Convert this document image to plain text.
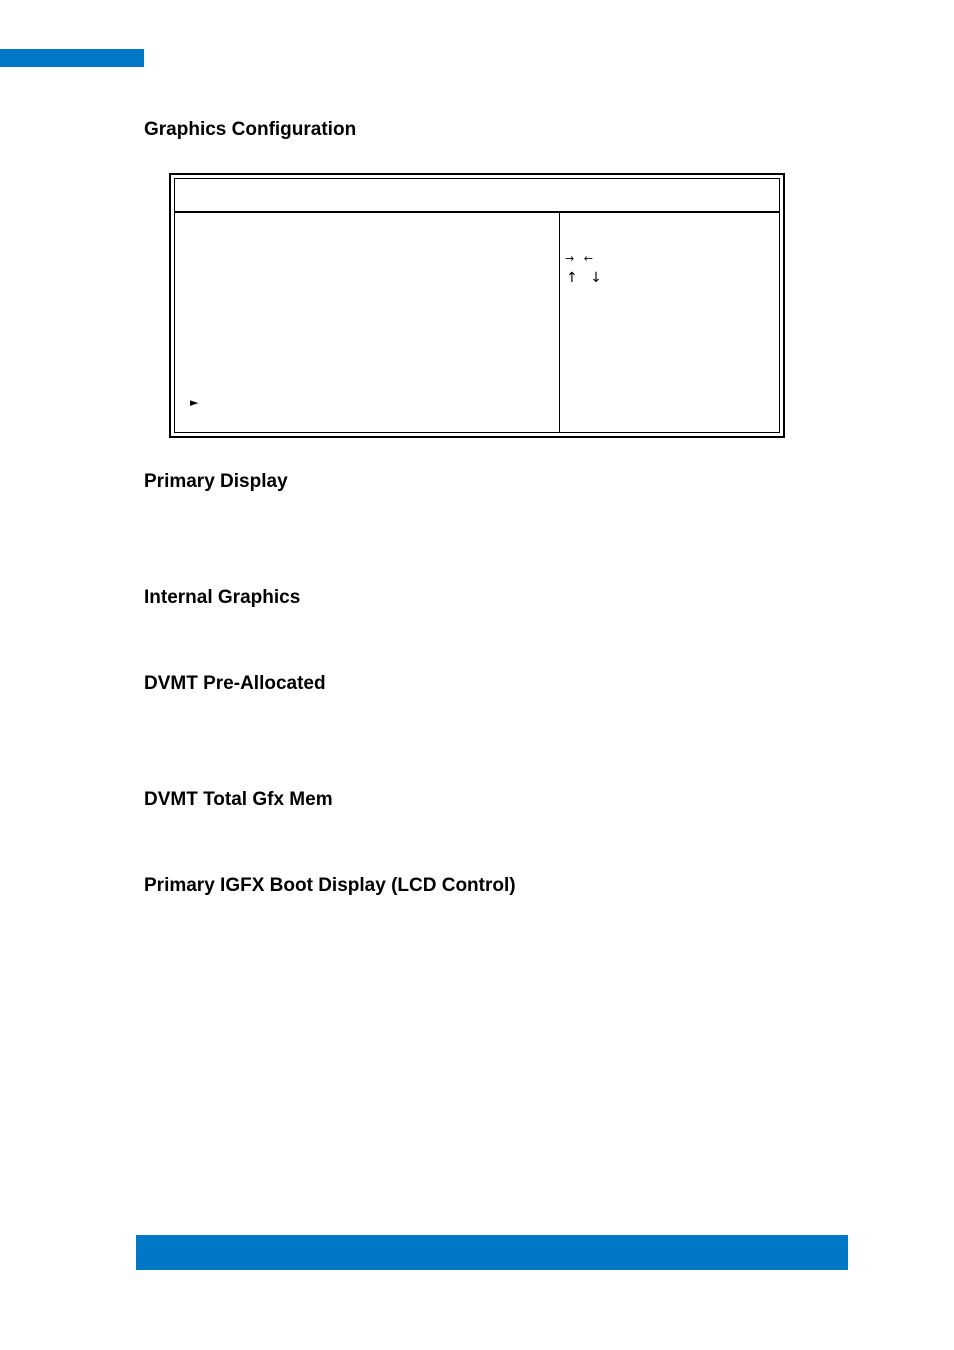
Graphics Configuration
→ ←
↑ ↓
►
Primary Display
Internal Graphics
DVMT Pre-Allocated
DVMT Total Gfx Mem
Primary IGFX Boot Display (LCD Control)
